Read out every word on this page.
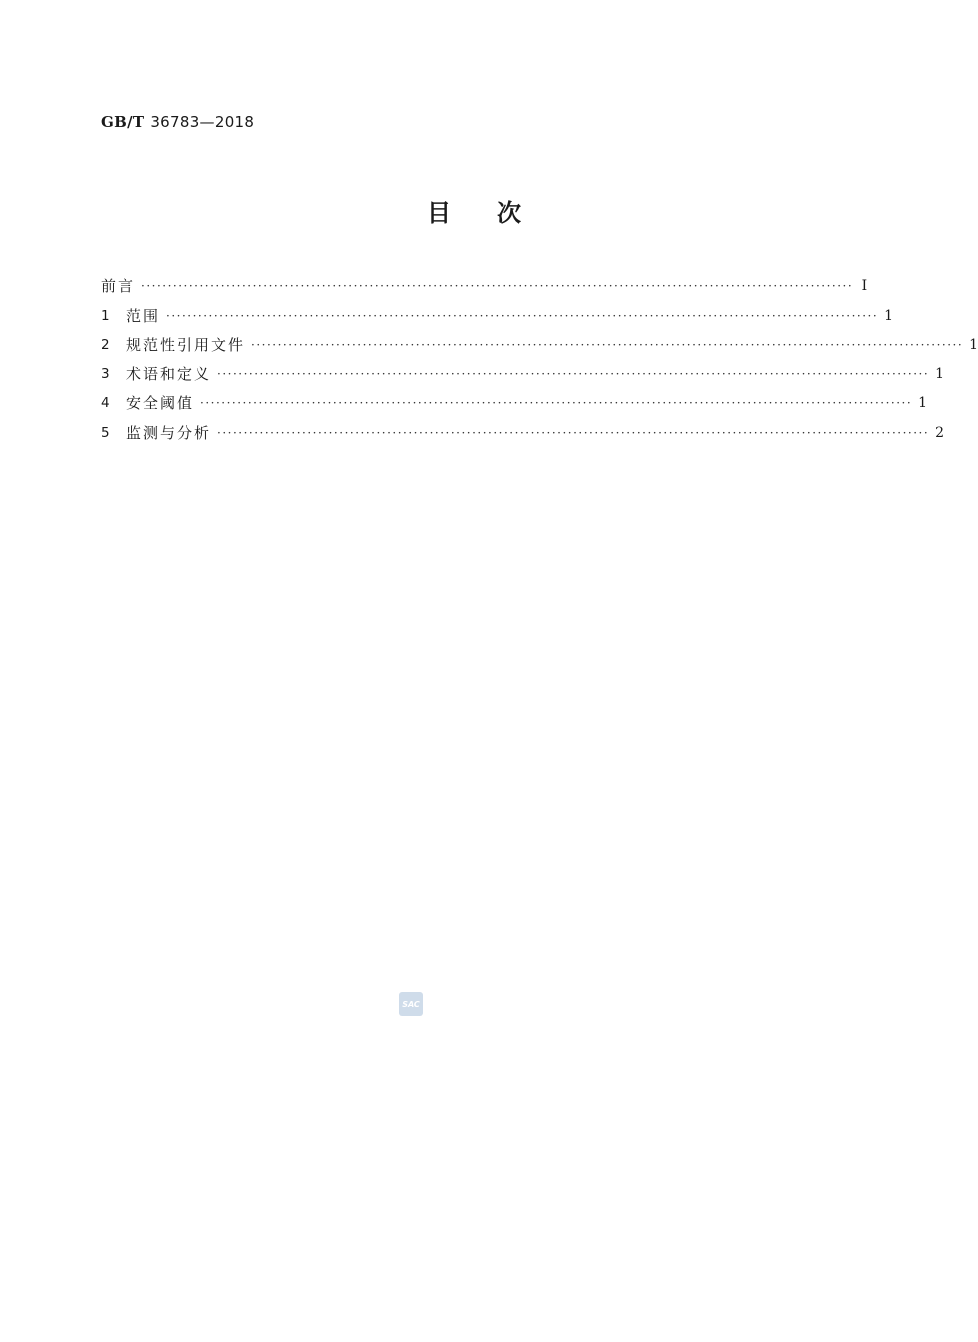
GB/T 36783—2018
目 次
前言 ······································································································································ Ⅰ
1	范围 ······································································································································ 1
2	规范性引用文件 ······································································································································ 1
3	术语和定义 ······································································································································ 1
4	安全阈值 ······································································································································ 1
5	监测与分析 ······································································································································ 2
SAC
